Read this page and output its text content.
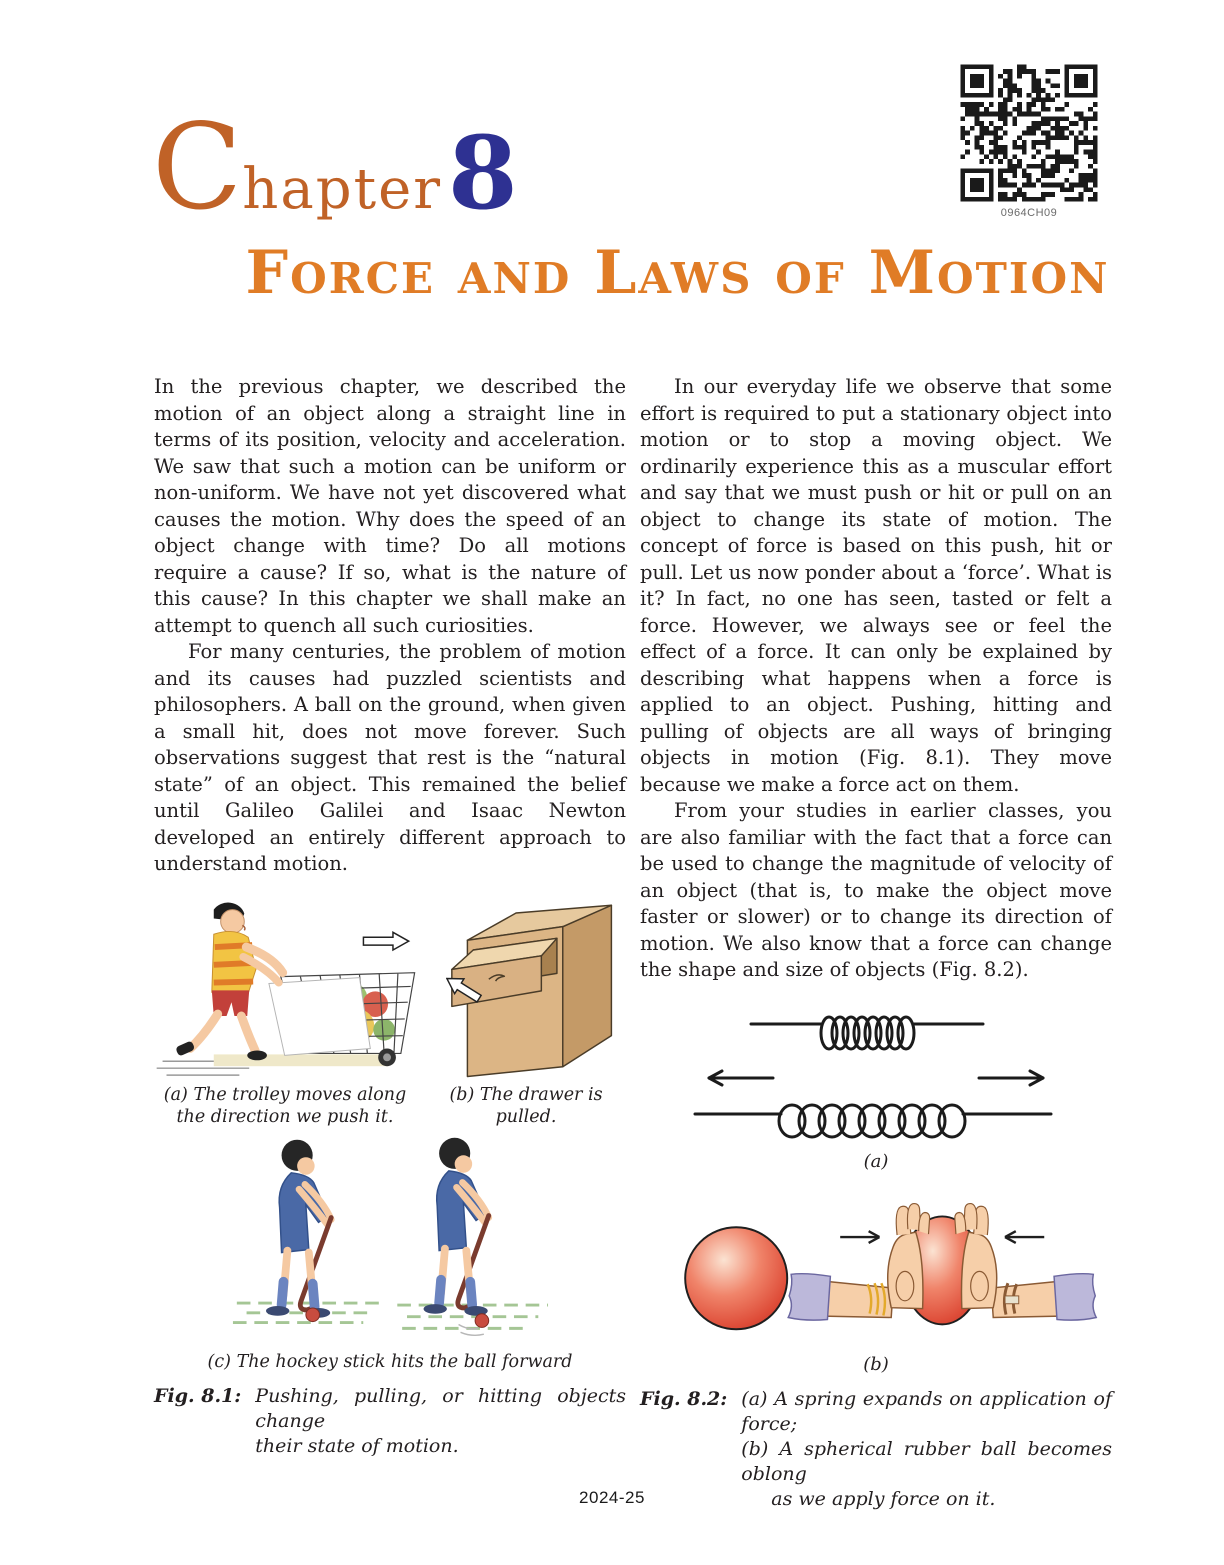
Chapter8	0964CH09
Force and Laws of Motion

In the previous chapter, we described the motion of an object along a straight line in terms of its position, velocity and acceleration. We saw that such a motion can be uniform or non-uniform. We have not yet discovered what causes the motion. Why does the speed of an object change with time? Do all motions require a cause? If so, what is the nature of this cause? In this chapter we shall make an attempt to quench all such curiosities.

For many centuries, the problem of motion and its causes had puzzled scientists and philosophers. A ball on the ground, when given a small hit, does not move forever. Such observations suggest that rest is the “natural state” of an object. This remained the belief until Galileo Galilei and Isaac Newton developed an entirely different approach to understand motion.

(a) The trolley moves along the direction we push it.
(b) The drawer is pulled.
(c) The hockey stick hits the ball forward
Fig. 8.1: Pushing, pulling, or hitting objects change
their state of motion.

In our everyday life we observe that some effort is required to put a stationary object into motion or to stop a moving object. We ordinarily experience this as a muscular effort and say that we must push or hit or pull on an object to change its state of motion. The concept of force is based on this push, hit or pull. Let us now ponder about a ‘force’. What is it? In fact, no one has seen, tasted or felt a force. However, we always see or feel the effect of a force. It can only be explained by describing what happens when a force is applied to an object. Pushing, hitting and pulling of objects are all ways of bringing objects in motion (Fig. 8.1). They move because we make a force act on them.

From your studies in earlier classes, you are also familiar with the fact that a force can be used to change the magnitude of velocity of an object (that is, to make the object move faster or slower) or to change its direction of motion. We also know that a force can change the shape and size of objects (Fig. 8.2).

(a)
(b)
Fig. 8.2: (a) A spring expands on application of force;
(b) A spherical rubber ball becomes oblong
as we apply force on it.
2024-25
